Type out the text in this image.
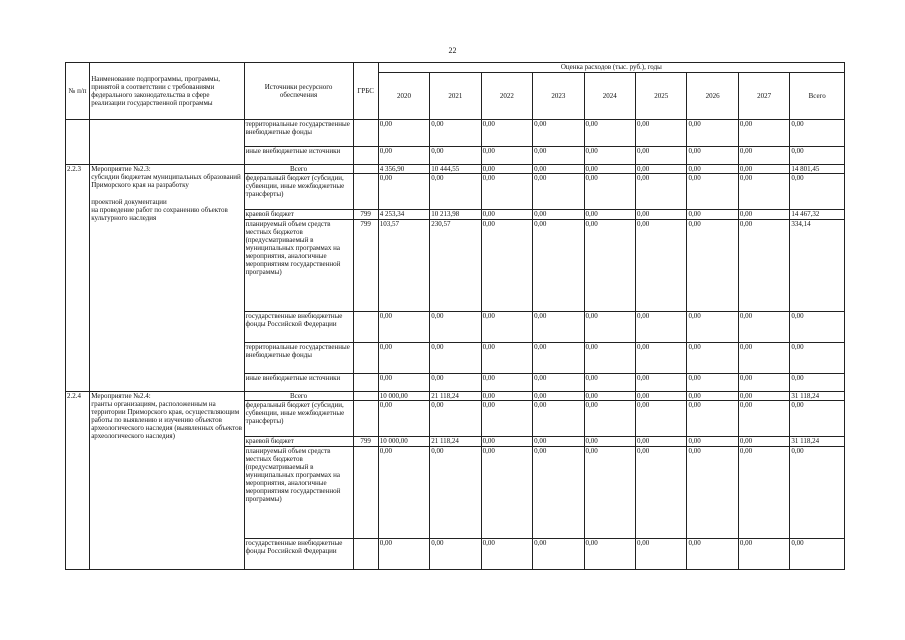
22
№ п/п	Наименование подпрограммы, программы, принятой в соответствии с требованиями федерального законодательства в сфере реализации государственной программы	Источники ресурсного обеспечения	ГРБС	Оценка расходов (тыс. руб.), годы								
				2020	2021	2022	2023	2024	2025	2026	2027	Всего
		территориальные государственные внебюджетные фонды		0,00	0,00	0,00	0,00	0,00	0,00	0,00	0,00	0,00
		иные внебюджетные источники		0,00	0,00	0,00	0,00	0,00	0,00	0,00	0,00	0,00
2.2.3	Мероприятие №2.3:
субсидии бюджетам муниципальных образований Приморского края на разработку
проектной документации
на проведение работ по сохранению объектов культурного наследия	Всего		4 356,90	10 444,55	0,00	0,00	0,00	0,00	0,00	0,00	14 801,45
		федеральный бюджет (субсидии, субвенции, иные межбюджетные трансферты)		0,00	0,00	0,00	0,00	0,00	0,00	0,00	0,00	0,00
		краевой бюджет	799	4 253,34	10 213,98	0,00	0,00	0,00	0,00	0,00	0,00	14 467,32
		планируемый объем средств местных бюджетов (предусматриваемый в муниципальных программах на мероприятия, аналогичные мероприятиям государственной программы)	799	103,57	230,57	0,00	0,00	0,00	0,00	0,00	0,00	334,14
		государственные внебюджетные фонды Российской Федерации		0,00	0,00	0,00	0,00	0,00	0,00	0,00	0,00	0,00
		территориальные государственные внебюджетные фонды		0,00	0,00	0,00	0,00	0,00	0,00	0,00	0,00	0,00
		иные внебюджетные источники		0,00	0,00	0,00	0,00	0,00	0,00	0,00	0,00	0,00
2.2.4	Мероприятие №2.4:
гранты организациям, расположенным на территории Приморского края, осуществляющим работы по выявлению и изучению объектов археологического наследия (выявленных объектов археологического наследия)	Всего		10 000,00	21 118,24	0,00	0,00	0,00	0,00	0,00	0,00	31 118,24
		федеральный бюджет (субсидии, субвенции, иные межбюджетные трансферты)		0,00	0,00	0,00	0,00	0,00	0,00	0,00	0,00	0,00
		краевой бюджет	799	10 000,00	21 118,24	0,00	0,00	0,00	0,00	0,00	0,00	31 118,24
		планируемый объем средств местных бюджетов (предусматриваемый в муниципальных программах на мероприятия, аналогичные мероприятиям государственной программы)		0,00	0,00	0,00	0,00	0,00	0,00	0,00	0,00	0,00
		государственные внебюджетные фонды Российской Федерации		0,00	0,00	0,00	0,00	0,00	0,00	0,00	0,00	0,00
